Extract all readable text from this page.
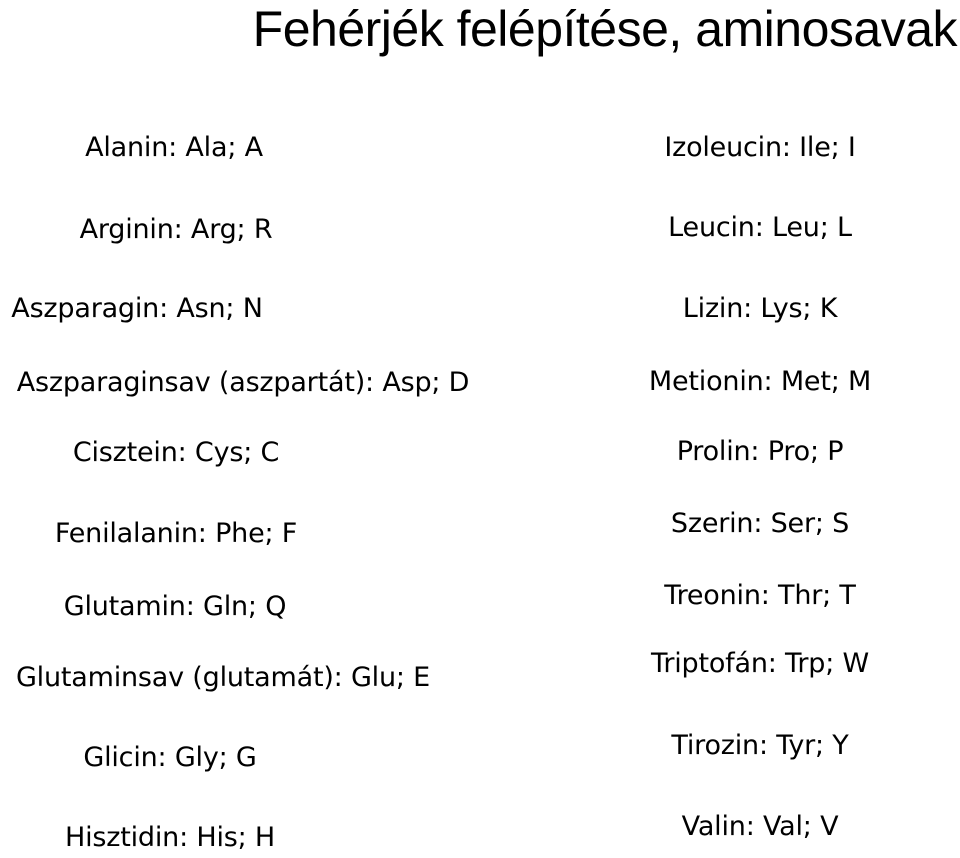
Fehérjék felépítése, aminosavak
Alanin: Ala; A
Arginin: Arg; R
Aszparagin: Asn; N
Aszparaginsav (aszpartát): Asp; D
Cisztein: Cys; C
Fenilalanin: Phe; F
Glutamin: Gln; Q
Glutaminsav (glutamát): Glu; E
Glicin: Gly; G
Hisztidin: His; H
Izoleucin: Ile; I
Leucin: Leu; L
Lizin: Lys; K
Metionin: Met; M
Prolin: Pro; P
Szerin: Ser; S
Treonin: Thr; T
Triptofán: Trp; W
Tirozin: Tyr; Y
Valin: Val; V
